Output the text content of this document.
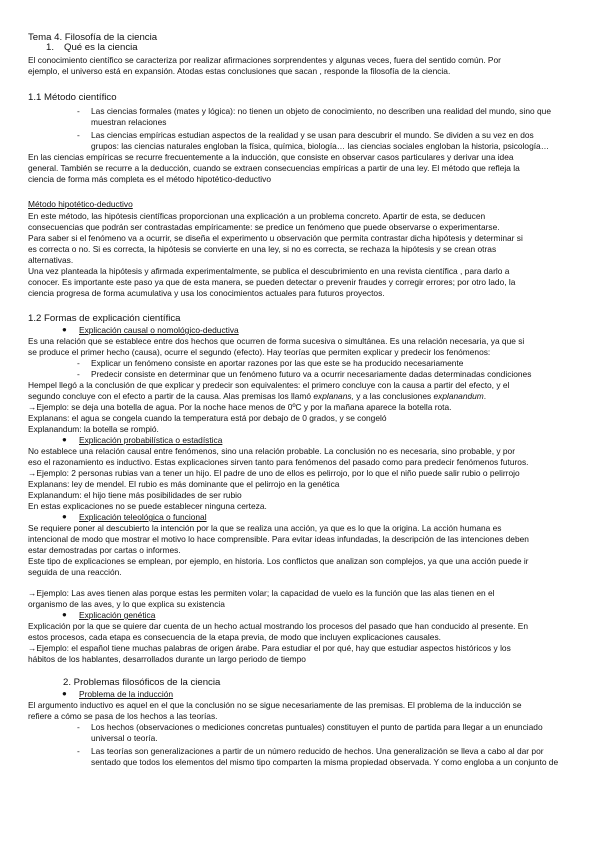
Tema 4. Filosofía de la ciencia
1.	Qué es la ciencia
El conocimiento científico se caracteriza por realizar afirmaciones sorprendentes y algunas veces, fuera del sentido común. Por
ejemplo, el universo está en expansión. Atodas estas conclusiones que sacan , responde la filosofía de la ciencia.
1.1 Método científico
- Las ciencias formales (mates y lógica): no tienen un objeto de conocimiento, no describen una realidad del mundo, sino que
muestran relaciones
- Las ciencias empíricas estudian aspectos de la realidad y se usan para descubrir el mundo. Se dividen a su vez en dos
grupos: las ciencias naturales engloban la física, química, biología… las ciencias sociales engloban la historia, psicología…
En las ciencias empíricas se recurre frecuentemente a la inducción, que consiste en observar casos particulares y derivar una idea
general. También se recurre a la deducción, cuando se extraen consecuencias empíricas a partir de una ley. El método que refleja la
ciencia de forma más completa es el método hipotético-deductivo
Método hipotético-deductivo
En este método, las hipótesis científicas proporcionan una explicación a un problema concreto. Apartir de esta, se deducen
consecuencias que podrán ser contrastadas empíricamente: se predice un fenómeno que puede observarse o experimentarse.
Para saber si el fenómeno va a ocurrir, se diseña el experimento u observación que permita contrastar dicha hipótesis y determinar si
es correcta o no. Si es correcta, la hipótesis se convierte en una ley, si no es correcta, se rechaza la hipótesis y se crean otras
alternativas.
Una vez planteada la hipótesis y afirmada experimentalmente, se publica el descubrimiento en una revista científica , para darlo a
conocer. Es importante este paso ya que de esta manera, se pueden detectar o prevenir fraudes y corregir errores; por otro lado, la
ciencia progresa de forma acumulativa y usa los conocimientos actuales para futuros proyectos.
1.2 Formas de explicación científica
● Explicación causal o nomológico-deductiva
Es una relación que se establece entre dos hechos que ocurren de forma sucesiva o simultánea. Es una relación necesaria, ya que si
se produce el primer hecho (causa), ocurre el segundo (efecto). Hay teorías que permiten explicar y predecir los fenómenos:
- Explicar un fenómeno consiste en aportar razones por las que este se ha producido necesariamente
- Predecir consiste en determinar que un fenómeno futuro va a ocurrir necesariamente dadas determinadas condiciones
Hempel llegó a la conclusión de que explicar y predecir son equivalentes: el primero concluye con la causa a partir del efecto, y el
segundo concluye con el efecto a partir de la causa. Alas premisas los llamó explanans, y a las conclusiones explanandum.
→Ejemplo: se deja una botella de agua. Por la noche hace menos de 0ºC y por la mañana aparece la botella rota.
Explanans: el agua se congela cuando la temperatura está por debajo de 0 grados, y se congeló
Explanandum: la botella se rompió.
● Explicación probabilística o estadística
No establece una relación causal entre fenómenos, sino una relación probable. La conclusión no es necesaria, sino probable, y por
eso el razonamiento es inductivo. Estas explicaciones sirven tanto para fenómenos del pasado como para predecir fenómenos futuros.
→Ejemplo: 2 personas rubias van a tener un hijo. El padre de uno de ellos es pelirrojo, por lo que el niño puede salir rubio o pelirrojo
Explanans: ley de mendel. El rubio es más dominante que el pelirrojo en la genética
Explanandum: el hijo tiene más posibilidades de ser rubio
En estas explicaciones no se puede establecer ninguna certeza.
● Explicación teleológica o funcional
Se requiere poner al descubierto la intención por la que se realiza una acción, ya que es lo que la origina. La acción humana es
intencional de modo que mostrar el motivo lo hace comprensible. Para evitar ideas infundadas, la descripción de las intenciones deben
estar demostradas por cartas o informes.
Este tipo de explicaciones se emplean, por ejemplo, en historia. Los conflictos que analizan son complejos, ya que una acción puede ir
seguida de una reacción.
→Ejemplo: Las aves tienen alas porque estas les permiten volar; la capacidad de vuelo es la función que las alas tienen en el
organismo de las aves, y lo que explica su existencia
● Explicación genética
Explicación por la que se quiere dar cuenta de un hecho actual mostrando los procesos del pasado que han conducido al presente. En
estos procesos, cada etapa es consecuencia de la etapa previa, de modo que incluyen explicaciones causales.
→Ejemplo: el español tiene muchas palabras de origen árabe. Para estudiar el por qué, hay que estudiar aspectos históricos y los
hábitos de los hablantes, desarrollados durante un largo periodo de tiempo
2. Problemas filosóficos de la ciencia
● Problema de la inducción
El argumento inductivo es aquel en el que la conclusión no se sigue necesariamente de las premisas. El problema de la inducción se
refiere a cómo se pasa de los hechos a las teorías.
- Los hechos (observaciones o mediciones concretas puntuales) constituyen el punto de partida para llegar a un enunciado
universal o teoría.
- Las teorías son generalizaciones a partir de un número reducido de hechos. Una generalización se lleva a cabo al dar por
sentado que todos los elementos del mismo tipo comparten la misma propiedad observada. Y como engloba a un conjunto de
